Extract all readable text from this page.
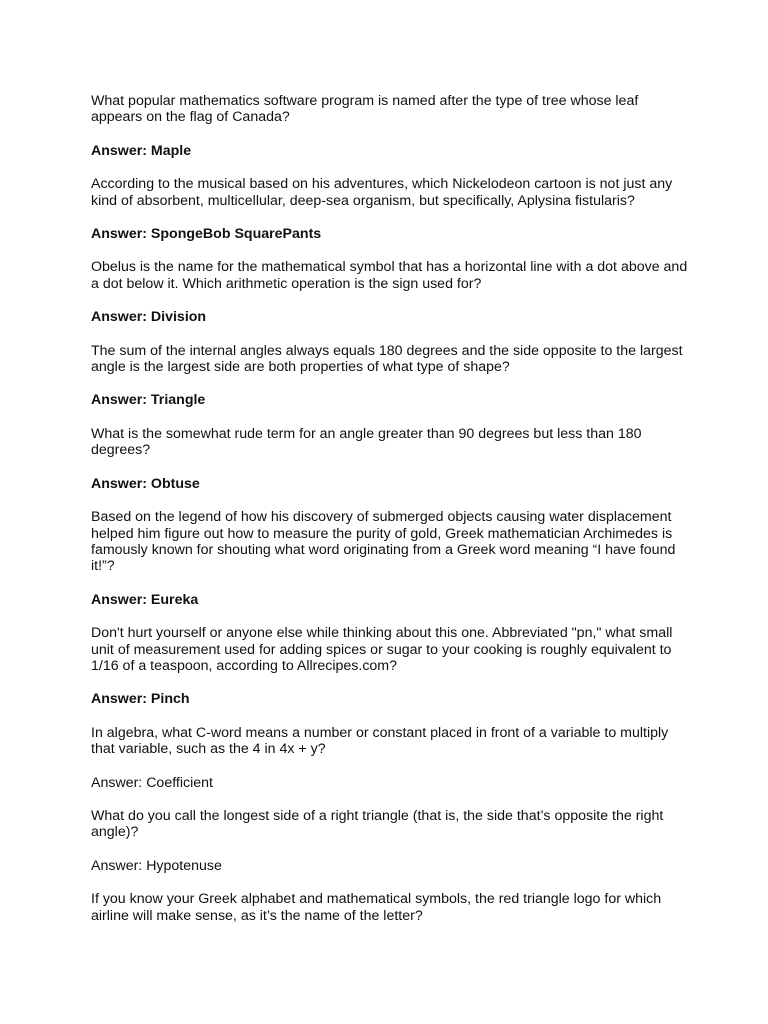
What popular mathematics software program is named after the type of tree whose leaf appears on the flag of Canada?

Answer: Maple

According to the musical based on his adventures, which Nickelodeon cartoon is not just any kind of absorbent, multicellular, deep-sea organism, but specifically, Aplysina fistularis?

Answer: SpongeBob SquarePants

Obelus is the name for the mathematical symbol that has a horizontal line with a dot above and a dot below it. Which arithmetic operation is the sign used for?

Answer: Division

The sum of the internal angles always equals 180 degrees and the side opposite to the largest angle is the largest side are both properties of what type of shape?

Answer: Triangle

What is the somewhat rude term for an angle greater than 90 degrees but less than 180 degrees?

Answer: Obtuse

Based on the legend of how his discovery of submerged objects causing water displacement helped him figure out how to measure the purity of gold, Greek mathematician Archimedes is famously known for shouting what word originating from a Greek word meaning “I have found it!”?

Answer: Eureka

Don't hurt yourself or anyone else while thinking about this one. Abbreviated "pn," what small unit of measurement used for adding spices or sugar to your cooking is roughly equivalent to 1/16 of a teaspoon, according to Allrecipes.com?

Answer: Pinch

In algebra, what C-word means a number or constant placed in front of a variable to multiply that variable, such as the 4 in 4x + y?

Answer: Coefficient

What do you call the longest side of a right triangle (that is, the side that’s opposite the right angle)?

Answer: Hypotenuse

If you know your Greek alphabet and mathematical symbols, the red triangle logo for which airline will make sense, as it’s the name of the letter?
